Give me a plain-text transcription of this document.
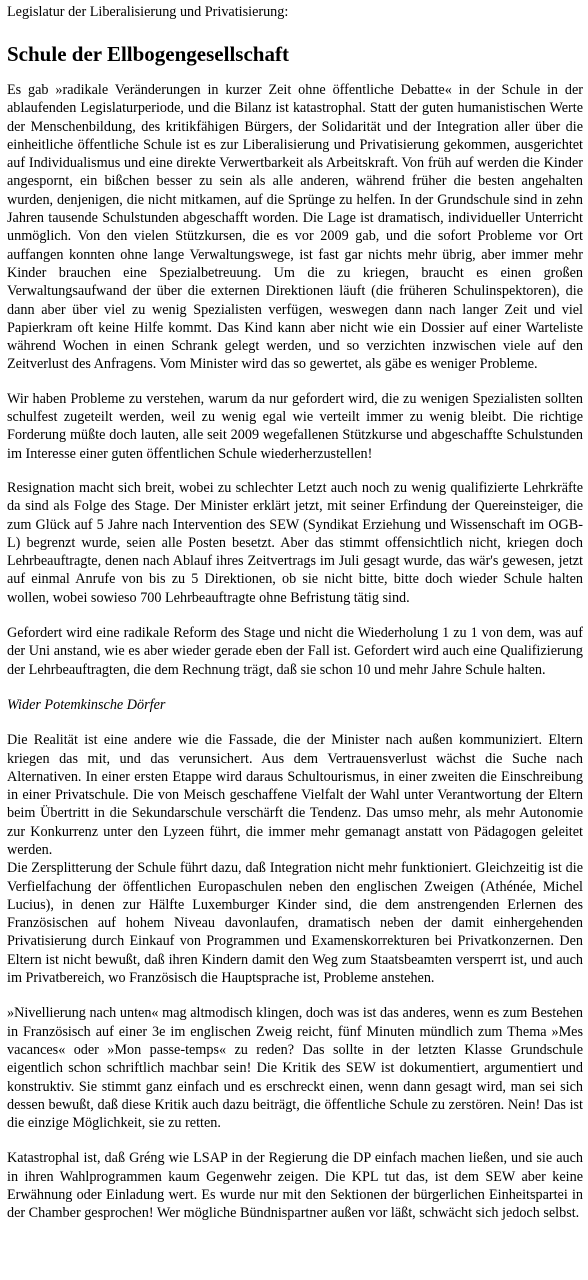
Legislatur der Liberalisierung und Privatisierung:

Schule der Ellbogengesellschaft

Es gab »radikale Veränderungen in kurzer Zeit ohne öffentliche Debatte« in der Schule in der ablaufenden Legislaturperiode, und die Bilanz ist katastrophal. Statt der guten humanistischen Werte der Menschenbildung, des kritikfähigen Bürgers, der Solidarität und der Integration aller über die einheitliche öffentliche Schule ist es zur Liberalisierung und Privatisierung gekommen, ausgerichtet auf Individualismus und eine direkte Verwertbarkeit als Arbeitskraft. Von früh auf werden die Kinder angespornt, ein bißchen besser zu sein als alle anderen, während früher die besten angehalten wurden, denjenigen, die nicht mitkamen, auf die Sprünge zu helfen. In der Grundschule sind in zehn Jahren tausende Schulstunden abgeschafft worden. Die Lage ist dramatisch, individueller Unterricht unmöglich. Von den vielen Stützkursen, die es vor 2009 gab, und die sofort Probleme vor Ort auffangen konnten ohne lange Verwaltungswege, ist fast gar nichts mehr übrig, aber immer mehr Kinder brauchen eine Spezialbetreuung. Um die zu kriegen, braucht es einen großen Verwaltungsaufwand der über die externen Direktionen läuft (die früheren Schulinspektoren), die dann aber über viel zu wenig Spezialisten verfügen, weswegen dann nach langer Zeit und viel Papierkram oft keine Hilfe kommt. Das Kind kann aber nicht wie ein Dossier auf einer Warteliste während Wochen in einen Schrank gelegt werden, und so verzichten inzwischen viele auf den Zeitverlust des Anfragens. Vom Minister wird das so gewertet, als gäbe es weniger Probleme.

Wir haben Probleme zu verstehen, warum da nur gefordert wird, die zu wenigen Spezialisten sollten schulfest zugeteilt werden, weil zu wenig egal wie verteilt immer zu wenig bleibt. Die richtige Forderung müßte doch lauten, alle seit 2009 wegefallenen Stützkurse und abgeschaffte Schulstunden im Interesse einer guten öffentlichen Schule wiederherzustellen!

Resignation macht sich breit, wobei zu schlechter Letzt auch noch zu wenig qualifizierte Lehrkräfte da sind als Folge des Stage. Der Minister erklärt jetzt, mit seiner Erfindung der Quereinsteiger, die zum Glück auf 5 Jahre nach Intervention des SEW (Syndikat Erziehung und Wissenschaft im OGB-L) begrenzt wurde, seien alle Posten besetzt. Aber das stimmt offensichtlich nicht, kriegen doch Lehrbeauftragte, denen nach Ablauf ihres Zeitvertrags im Juli gesagt wurde, das wär's gewesen, jetzt auf einmal Anrufe von bis zu 5 Direktionen, ob sie nicht bitte, bitte doch wieder Schule halten wollen, wobei sowieso 700 Lehrbeauftragte ohne Befristung tätig sind.

Gefordert wird eine radikale Reform des Stage und nicht die Wiederholung 1 zu 1 von dem, was auf der Uni anstand, wie es aber wieder gerade eben der Fall ist. Gefordert wird auch eine Qualifizierung der Lehrbeauftragten, die dem Rechnung trägt, daß sie schon 10 und mehr Jahre Schule halten.

Wider Potemkinsche Dörfer

Die Realität ist eine andere wie die Fassade, die der Minister nach außen kommuniziert. Eltern kriegen das mit, und das verunsichert. Aus dem Vertrauensverlust wächst die Suche nach Alternativen. In einer ersten Etappe wird daraus Schultourismus, in einer zweiten die Einschreibung in einer Privatschule. Die von Meisch geschaffene Vielfalt der Wahl unter Verantwortung der Eltern beim Übertritt in die Sekundarschule verschärft die Tendenz. Das umso mehr, als mehr Autonomie zur Konkurrenz unter den Lyzeen führt, die immer mehr gemanagt anstatt von Pädagogen geleitet werden.

Die Zersplitterung der Schule führt dazu, daß Integration nicht mehr funktioniert. Gleichzeitig ist die Verfielfachung der öffentlichen Europaschulen neben den englischen Zweigen (Athénée, Michel Lucius), in denen zur Hälfte Luxemburger Kinder sind, die dem anstrengenden Erlernen des Französischen auf hohem Niveau davonlaufen, dramatisch neben der damit einhergehenden Privatisierung durch Einkauf von Programmen und Examenskorrekturen bei Privatkonzernen. Den Eltern ist nicht bewußt, daß ihren Kindern damit den Weg zum Staatsbeamten versperrt ist, und auch im Privatbereich, wo Französisch die Hauptsprache ist, Probleme anstehen.

»Nivellierung nach unten« mag altmodisch klingen, doch was ist das anderes, wenn es zum Bestehen in Französisch auf einer 3e im englischen Zweig reicht, fünf Minuten mündlich zum Thema »Mes vacances« oder »Mon passe-temps« zu reden? Das sollte in der letzten Klasse Grundschule eigentlich schon schriftlich machbar sein! Die Kritik des SEW ist dokumentiert, argumentiert und konstruktiv. Sie stimmt ganz einfach und es erschreckt einen, wenn dann gesagt wird, man sei sich dessen bewußt, daß diese Kritik auch dazu beiträgt, die öffentliche Schule zu zerstören. Nein! Das ist die einzige Möglichkeit, sie zu retten.

Katastrophal ist, daß Gréng wie LSAP in der Regierung die DP einfach machen ließen, und sie auch in ihren Wahlprogrammen kaum Gegenwehr zeigen. Die KPL tut das, ist dem SEW aber keine Erwähnung oder Einladung wert. Es wurde nur mit den Sektionen der bürgerlichen Einheitspartei in der Chamber gesprochen! Wer mögliche Bündnispartner außen vor läßt, schwächt sich jedoch selbst.
